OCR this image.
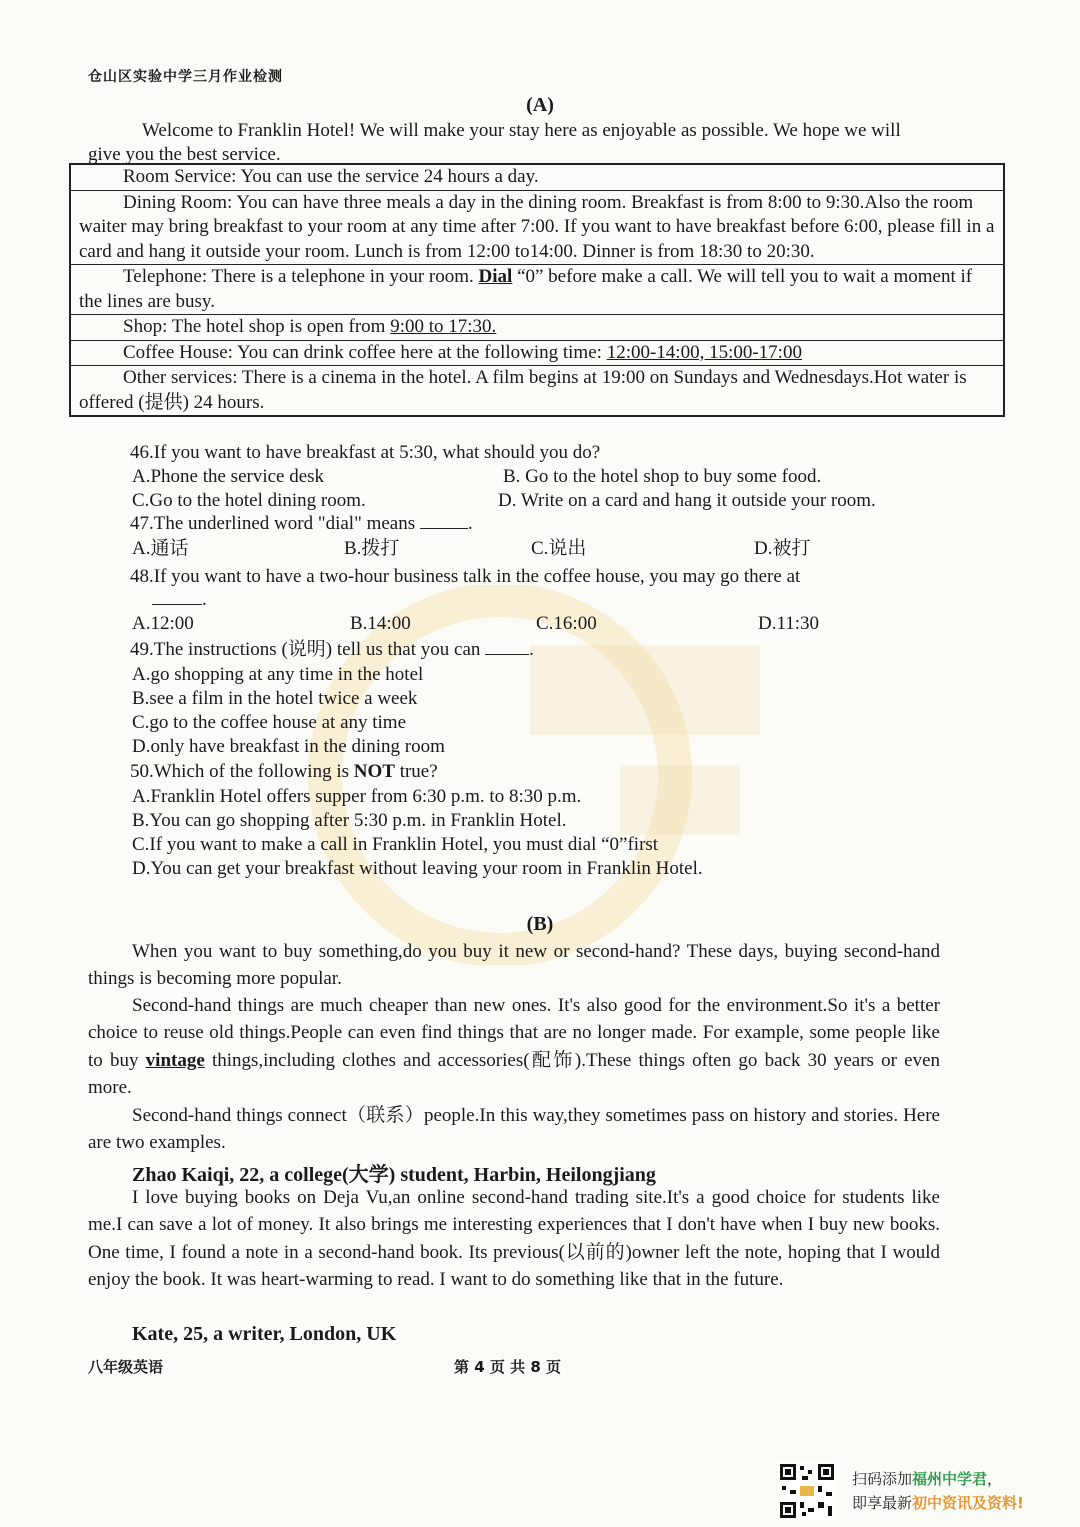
仓山区实验中学三月作业检测
(A)
Welcome to Franklin Hotel! We will make your stay here as enjoyable as possible. We hope we will give you the best service.
Room Service: You can use the service 24 hours a day.
Dining Room: You can have three meals a day in the dining room. Breakfast is from 8:00 to 9:30.Also the room waiter may bring breakfast to your room at any time after 7:00. If you want to have breakfast before 6:00, please fill in a card and hang it outside your room. Lunch is from 12:00 to14:00. Dinner is from 18:30 to 20:30.
Telephone: There is a telephone in your room. Dial “0” before make a call. We will tell you to wait a moment if the lines are busy.
Shop: The hotel shop is open from 9:00 to 17:30.
Coffee House: You can drink coffee here at the following time: 12:00-14:00, 15:00-17:00
Other services: There is a cinema in the hotel. A film begins at 19:00 on Sundays and Wednesdays.Hot water is offered (提供) 24 hours.
46.If you want to have breakfast at 5:30, what should you do?
A.Phone the service desk	B. Go to the hotel shop to buy some food.
C.Go to the hotel dining room.	D. Write on a card and hang it outside your room.
47.The underlined word "dial" means	.
A.通话	B.拨打	C.说出	D.被打
48.If you want to have a two-hour business talk in the coffee house, you may go there at
.
A.12:00	B.14:00	C.16:00	D.11:30
49.The instructions (说明) tell us that you can	.
A.go shopping at any time in the hotel
B.see a film in the hotel twice a week
C.go to the coffee house at any time
D.only have breakfast in the dining room
50.Which of the following is NOT true?
A.Franklin Hotel offers supper from 6:30 p.m. to 8:30 p.m.
B.You can go shopping after 5:30 p.m. in Franklin Hotel.
C.If you want to make a call in Franklin Hotel, you must dial “0”first
D.You can get your breakfast without leaving your room in Franklin Hotel.
(B)
When you want to buy something,do you buy it new or second-hand? These days, buying second-hand things is becoming more popular.
Second-hand things are much cheaper than new ones. It's also good for the environment.So it's a better choice to reuse old things.People can even find things that are no longer made. For example, some people like to buy vintage things,including clothes and accessories(配饰).These things often go back 30 years or even more.
Second-hand things connect（联系）people.In this way,they sometimes pass on history and stories. Here are two examples.
Zhao Kaiqi, 22, a college(大学) student, Harbin, Heilongjiang
I love buying books on Deja Vu,an online second-hand trading site.It's a good choice for students like me.I can save a lot of money. It also brings me interesting experiences that I don't have when I buy new books. One time, I found a note in a second-hand book. Its previous(以前的)owner left the note, hoping that I would enjoy the book. It was heart-warming to read. I want to do something like that in the future.
Kate, 25, a writer, London, UK
八年级英语	第 4 页 共 8 页
扫码添加福州中学君，
即享最新初中资讯及资料!
